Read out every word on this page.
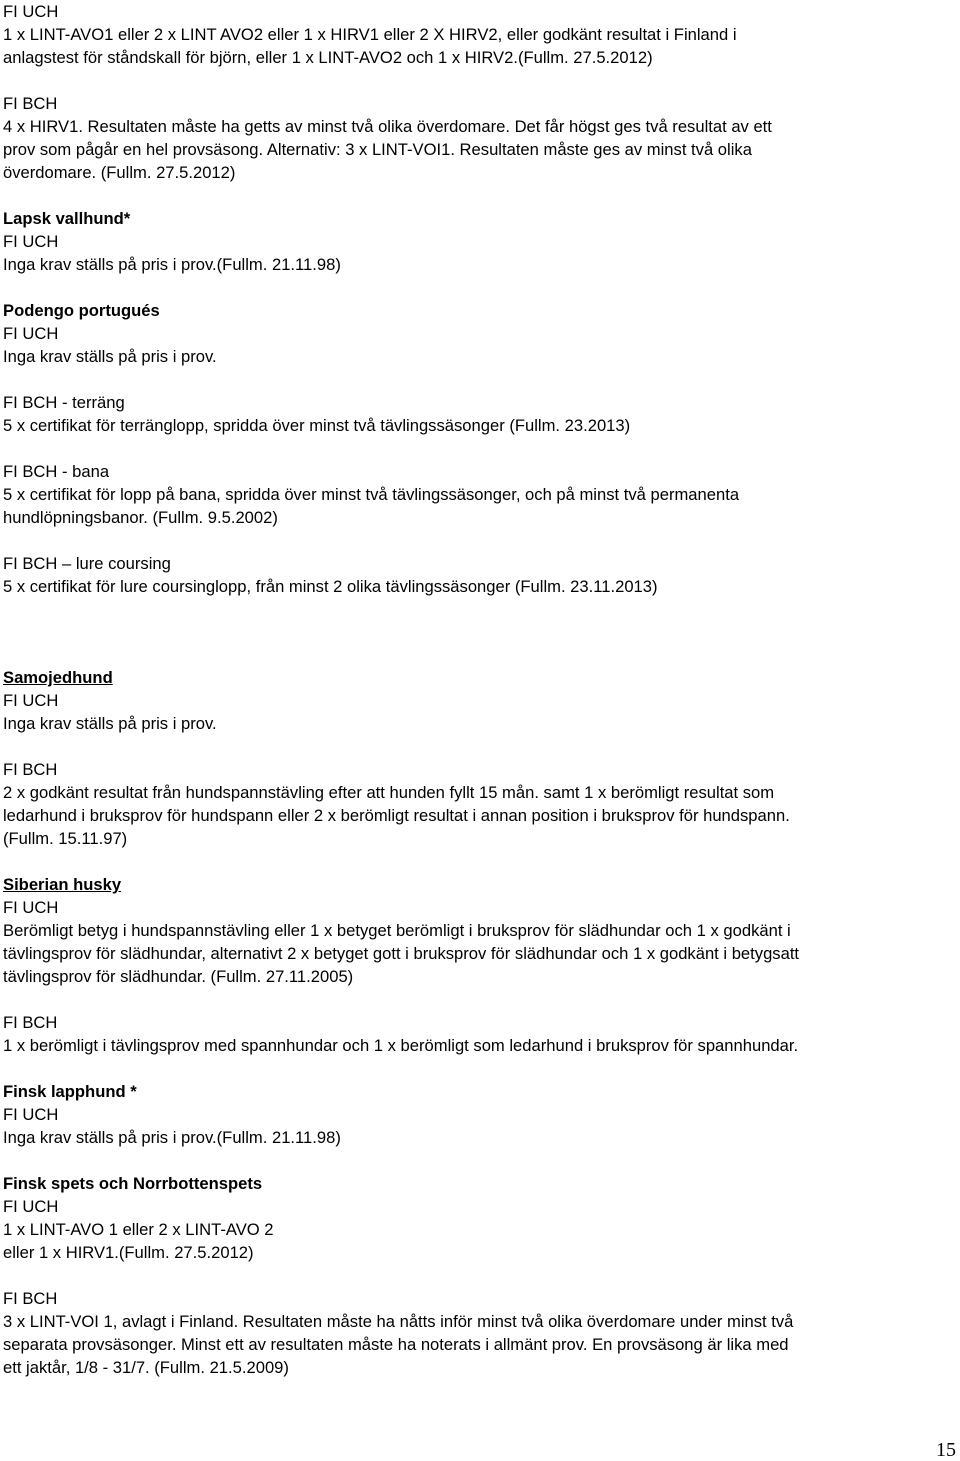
FI UCH
1 x LINT-AVO1 eller 2 x LINT AVO2 eller 1 x HIRV1 eller 2 X HIRV2, eller godkänt resultat i Finland i
anlagstest för ståndskall för björn, eller 1 x LINT-AVO2 och 1 x HIRV2.(Fullm. 27.5.2012)
FI BCH
4 x HIRV1. Resultaten måste ha getts av minst två olika överdomare. Det får högst ges två resultat av ett
prov som pågår en hel provsäsong. Alternativ: 3 x LINT-VOI1. Resultaten måste ges av minst två olika
överdomare. (Fullm. 27.5.2012)
Lapsk vallhund*
FI UCH
Inga krav ställs på pris i prov.(Fullm. 21.11.98)
Podengo portugués
FI UCH
Inga krav ställs på pris i prov.
FI BCH - terräng
5 x certifikat för terränglopp, spridda över minst två tävlingssäsonger (Fullm. 23.2013)
FI BCH - bana
5 x certifikat för lopp på bana, spridda över minst två tävlingssäsonger, och på minst två permanenta
hundlöpningsbanor. (Fullm. 9.5.2002)
FI BCH – lure coursing
5 x certifikat för lure coursinglopp, från minst 2 olika tävlingssäsonger (Fullm. 23.11.2013)
Samojedhund
FI UCH
Inga krav ställs på pris i prov.
FI BCH
2 x godkänt resultat från hundspannstävling efter att hunden fyllt 15 mån. samt 1 x berömligt resultat som
ledarhund i bruksprov för hundspann eller 2 x berömligt resultat i annan position i bruksprov för hundspann.
(Fullm. 15.11.97)
Siberian husky
FI UCH
Berömligt betyg i hundspannstävling eller 1 x betyget berömligt i bruksprov för slädhundar och 1 x godkänt i
tävlingsprov för slädhundar, alternativt 2 x betyget gott i bruksprov för slädhundar och 1 x godkänt i betygsatt
tävlingsprov för slädhundar. (Fullm. 27.11.2005)
FI BCH
1 x berömligt i tävlingsprov med spannhundar och 1 x berömligt som ledarhund i bruksprov för spannhundar.
Finsk lapphund *
FI UCH
Inga krav ställs på pris i prov.(Fullm. 21.11.98)
Finsk spets och Norrbottenspets
FI UCH
1 x LINT-AVO 1 eller 2 x LINT-AVO 2
eller 1 x HIRV1.(Fullm. 27.5.2012)
FI BCH
3 x LINT-VOI 1, avlagt i Finland. Resultaten måste ha nåtts inför minst två olika överdomare under minst två
separata provsäsonger. Minst ett av resultaten måste ha noterats i allmänt prov. En provsäsong är lika med
ett jaktår, 1/8 - 31/7. (Fullm. 21.5.2009)
15
